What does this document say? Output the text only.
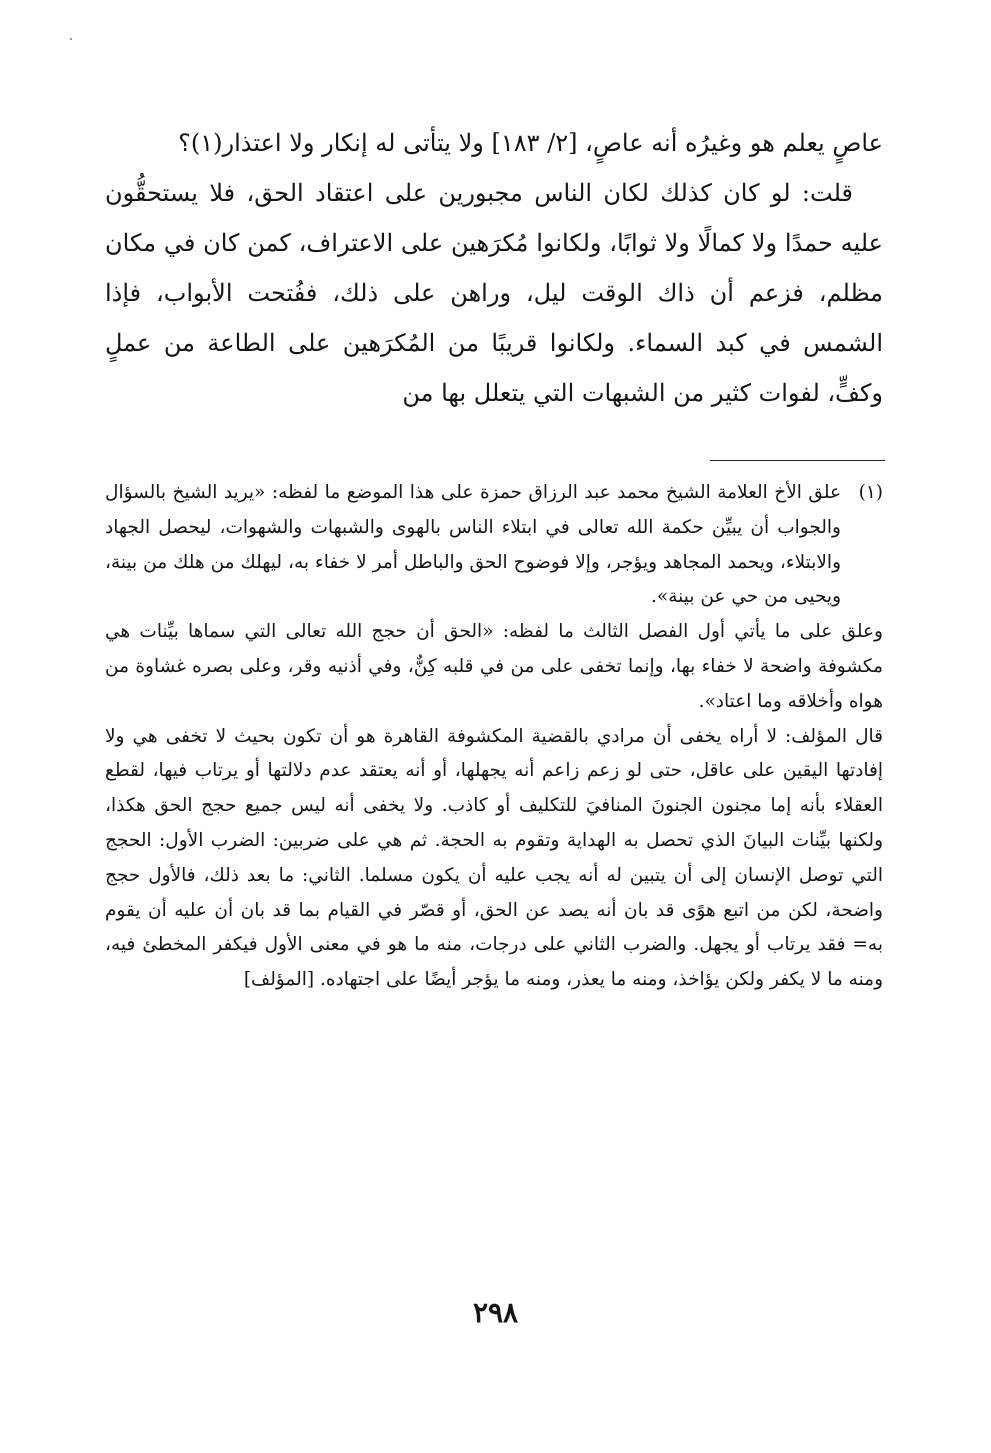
عاصٍ يعلم هو وغيرُه أنه عاصٍ، [٢/ ١٨٣] ولا يتأتى له إنكار ولا اعتذار(١)؟

قلت: لو كان كذلك لكان الناس مجبورين على اعتقاد الحق، فلا يستحقُّون عليه حمدًا ولا كمالًا ولا ثوابًا، ولكانوا مُكرَهين على الاعتراف، كمن كان في مكان مظلم، فزعم أن ذاك الوقت ليل، وراهن على ذلك، ففُتحت الأبواب، فإذا الشمس في كبد السماء. ولكانوا قريبًا من المُكرَهين على الطاعة من عملٍ وكفٍّ، لفوات كثير من الشبهات التي يتعلل بها من

(١)
علق الأخ العلامة الشيخ محمد عبد الرزاق حمزة على هذا الموضع ما لفظه: «يريد الشيخ بالسؤال والجواب أن يبيِّن حكمة الله تعالى في ابتلاء الناس بالهوى والشبهات والشهوات، ليحصل الجهاد والابتلاء، ويحمد المجاهد ويؤجر، وإلا فوضوح الحق والباطل أمر لا خفاء به، ليهلك من هلك من بينة، ويحيى من حي عن بينة».

وعلق على ما يأتي أول الفصل الثالث ما لفظه: «الحق أن حجج الله تعالى التي سماها بيِّنات هي مكشوفة واضحة لا خفاء بها، وإنما تخفى على من في قلبه كِنٌّ، وفي أذنيه وقر، وعلى بصره غشاوة من هواه وأخلاقه وما اعتاد».

قال المؤلف: لا أراه يخفى أن مرادي بالقضية المكشوفة القاهرة هو أن تكون بحيث لا تخفى هي ولا إفادتها اليقين على عاقل، حتى لو زعم زاعم أنه يجهلها، أو أنه يعتقد عدم دلالتها أو يرتاب فيها، لقطع العقلاء بأنه إما مجنون الجنونَ المنافيَ للتكليف أو كاذب. ولا يخفى أنه ليس جميع حجج الحق هكذا، ولكنها بيِّنات البيانَ الذي تحصل به الهداية وتقوم به الحجة. ثم هي على ضربين: الضرب الأول: الحجج التي توصل الإنسان إلى أن يتبين له أنه يجب عليه أن يكون مسلما. الثاني: ما بعد ذلك، فالأول حجج واضحة، لكن من اتبع هوًى قد بان أنه يصد عن الحق، أو قصّر في القيام بما قد بان أن عليه أن يقوم به= فقد يرتاب أو يجهل. والضرب الثاني على درجات، منه ما هو في معنى الأول فيكفر المخطئ فيه، ومنه ما لا يكفر ولكن يؤاخذ، ومنه ما يعذر، ومنه ما يؤجر أيضًا على اجتهاده. [المؤلف]

٢٩٨
